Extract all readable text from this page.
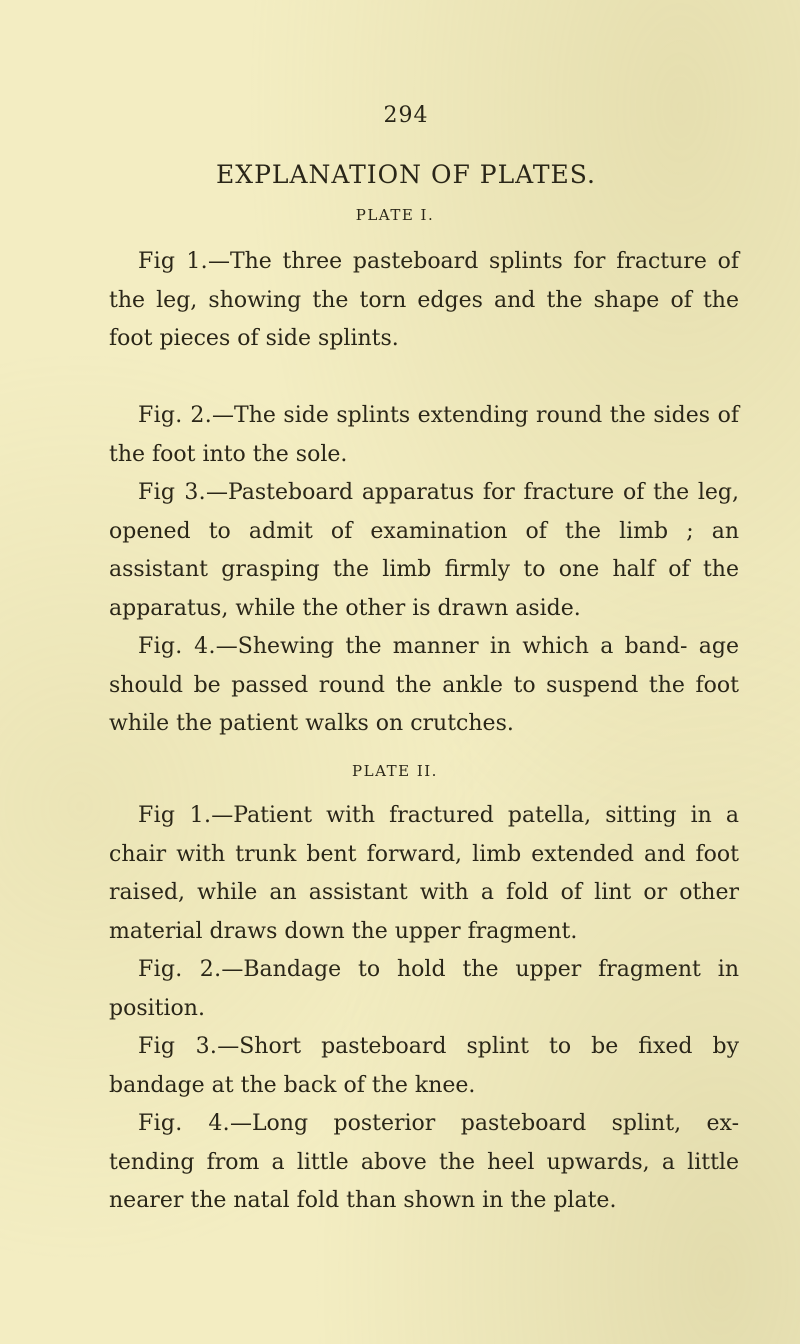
294
EXPLANATION OF PLATES.
PLATE I.

Fig 1.—The three pasteboard splints for fracture of the leg, showing the torn edges and the shape of the foot pieces of side splints.

Fig. 2.—The side splints extending round the sides of the foot into the sole.

Fig 3.—Pasteboard apparatus for fracture of the leg, opened to admit of examination of the limb ; an assistant grasping the limb firmly to one half of the apparatus, while the other is drawn aside.

Fig. 4.—Shewing the manner in which a band- age should be passed round the ankle to suspend the foot while the patient walks on crutches.

PLATE II.

Fig 1.—Patient with fractured patella, sitting in a chair with trunk bent forward, limb extended and foot raised, while an assistant with a fold of lint or other material draws down the upper fragment.

Fig. 2.—Bandage to hold the upper fragment in position.

Fig 3.—Short pasteboard splint to be fixed by bandage at the back of the knee.

Fig. 4.—Long posterior pasteboard splint, ex- tending from a little above the heel upwards, a little nearer the natal fold than shown in the plate.
